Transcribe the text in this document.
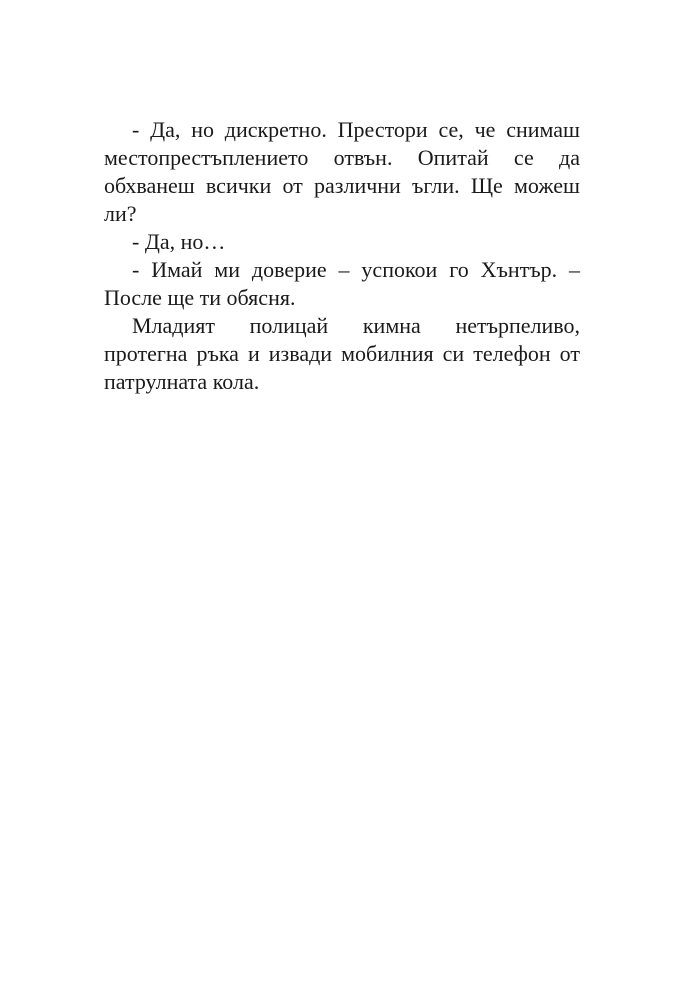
- Да, но дискретно. Престори се, че снимаш местопрестъплението отвън. Опитай се да обхванеш всички от различни ъгли. Ще можеш ли?

- Да, но…

- Имай ми доверие – успокои го Хънтър. – После ще ти обясня.

Младият полицай кимна нетърпеливо, протегна ръка и извади мобилния си телефон от патрулната кола.
